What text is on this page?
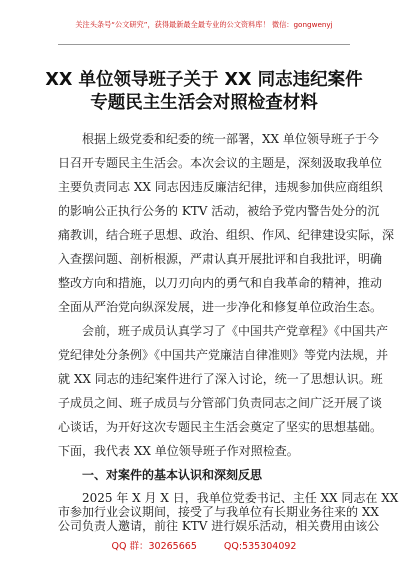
关注头条号“公文研究”，获得最新最全最专业的公文资料库！ 微信：gongwenyj
XX 单位领导班子关于 XX 同志违纪案件
专题民主生活会对照检查材料
根据上级党委和纪委的统一部署，XX 单位领导班子于今
日召开专题民主生活会。本次会议的主题是，深刻汲取我单位
主要负责同志 XX 同志因违反廉洁纪律，违规参加供应商组织
的影响公正执行公务的 KTV 活动，被给予党内警告处分的沉
痛教训，结合班子思想、政治、组织、作风、纪律建设实际，深
入查摆问题、剖析根源，严肃认真开展批评和自我批评，明确
整改方向和措施，以刀刃向内的勇气和自我革命的精神，推动
全面从严治党向纵深发展，进一步净化和修复单位政治生态。
会前，班子成员认真学习了《中国共产党章程》《中国共产
党纪律处分条例》《中国共产党廉洁自律准则》等党内法规，并
就 XX 同志的违纪案件进行了深入讨论，统一了思想认识。班
子成员之间、班子成员与分管部门负责同志之间广泛开展了谈
心谈话，为开好这次专题民主生活会奠定了坚实的思想基础。
下面，我代表 XX 单位领导班子作对照检查。
一、对案件的基本认识和深刻反思
2025 年 X 月 X 日，我单位党委书记、主任 XX 同志在 XX
市参加行业会议期间，接受了与我单位有长期业务往来的 XX
QQ 群：30265665	QQ:535304092
公司负责人邀请，前往 KTV 进行娱乐活动，相关费用由该公
